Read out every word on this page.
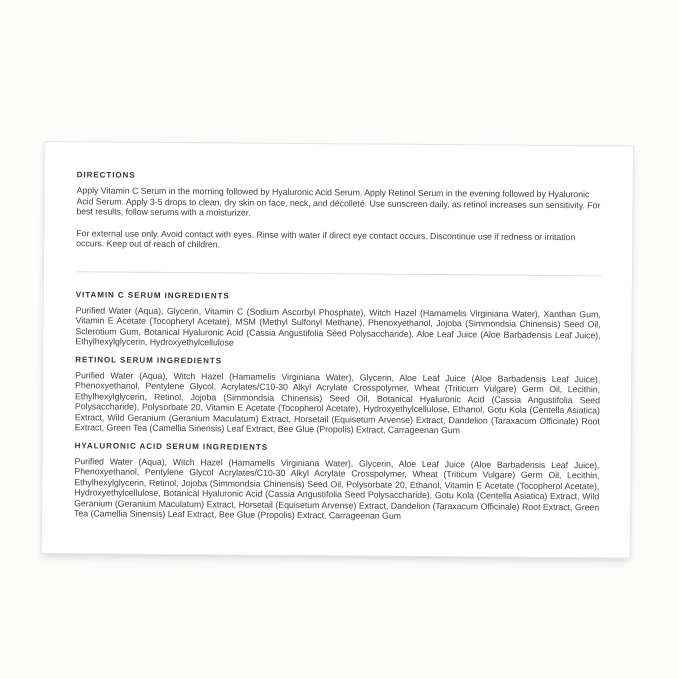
DIRECTIONS

Apply Vitamin C Serum in the morning followed by Hyaluronic Acid Serum. Apply Retinol Serum in the evening followed by Hyaluronic Acid Serum. Apply 3-5 drops to clean, dry skin on face, neck, and décolleté. Use sunscreen daily, as retinol increases sun sensitivity. For best results, follow serums with a moisturizer.

For external use only. Avoid contact with eyes. Rinse with water if direct eye contact occurs. Discontinue use if redness or irritation occurs. Keep out of reach of children.

VITAMIN C SERUM INGREDIENTS

Purified Water (Aqua), Glycerin, Vitamin C (Sodium Ascorbyl Phosphate), Witch Hazel (Hamamelis Virginiana Water), Xanthan Gum, Vitamin E Acetate (Tocopheryl Acetate), MSM (Methyl Sulfonyl Methane), Phenoxyethanol, Jojoba (Simmondsia Chinensis) Seed Oil, Sclerotium Gum, Botanical Hyaluronic Acid (Cassia Angustifolia Seed Polysaccharide), Aloe Leaf Juice (Aloe Barbadensis Leaf Juice), Ethylhexylglycerin, Hydroxyethylcellulose

RETINOL SERUM INGREDIENTS

Purified Water (Aqua), Witch Hazel (Hamamelis Virginiana Water), Glycerin, Aloe Leaf Juice (Aloe Barbadensis Leaf Juice), Phenoxyethanol, Pentylene Glycol, Acrylates/C10-30 Alkyl Acrylate Crosspolymer, Wheat (Triticum Vulgare) Germ Oil, Lecithin, Ethylhexylglycerin, Retinol, Jojoba (Simmondsia Chinensis) Seed Oil, Botanical Hyaluronic Acid (Cassia Angustifolia Seed Polysaccharide), Polysorbate 20, Vitamin E Acetate (Tocopherol Acetate), Hydroxyethylcellulose, Ethanol, Gotu Kola (Centella Asiatica) Extract, Wild Geranium (Geranium Maculatum) Extract, Horsetail (Equisetum Arvense) Extract, Dandelion (Taraxacum Officinale) Root Extract, Green Tea (Camellia Sinensis) Leaf Extract, Bee Glue (Propolis) Extract, Carrageenan Gum

HYALURONIC ACID SERUM INGREDIENTS

Purified Water (Aqua), Witch Hazel (Hamamells Virginiana Water), Glycerin, Aloe Leaf Juice (Aloe Barbadensis Leaf Juice), Phenoxyethanol, Pentylene Glycol Acrylates/C10-30 Alkyl Acrylate Crosspolymer, Wheat (Triticum Vulgare) Germ Oil, Lecithin, Ethylhexylglycerin, Retinol, Jojoba (Simmondsia Chinensis) Seed Oil, Polysorbate 20, Ethanol, Vitamin E Acetate (Tocopherol Acetate), Hydroxyethylcellulose, Botanical Hyaluronic Acid (Cassia Angustifolia Seed Polysaccharide), Gotu Kola (Centella Asiatica) Extract, Wild Geranium (Geranium Maculatum) Extract, Horsetail (Equisetum Arvense) Extract, Dandelion (Taraxacum Officinale) Root Extract, Green Tea (Camellia Sinensis) Leaf Extract, Bee Glue (Propolis) Extract, Carrageenan Gum
